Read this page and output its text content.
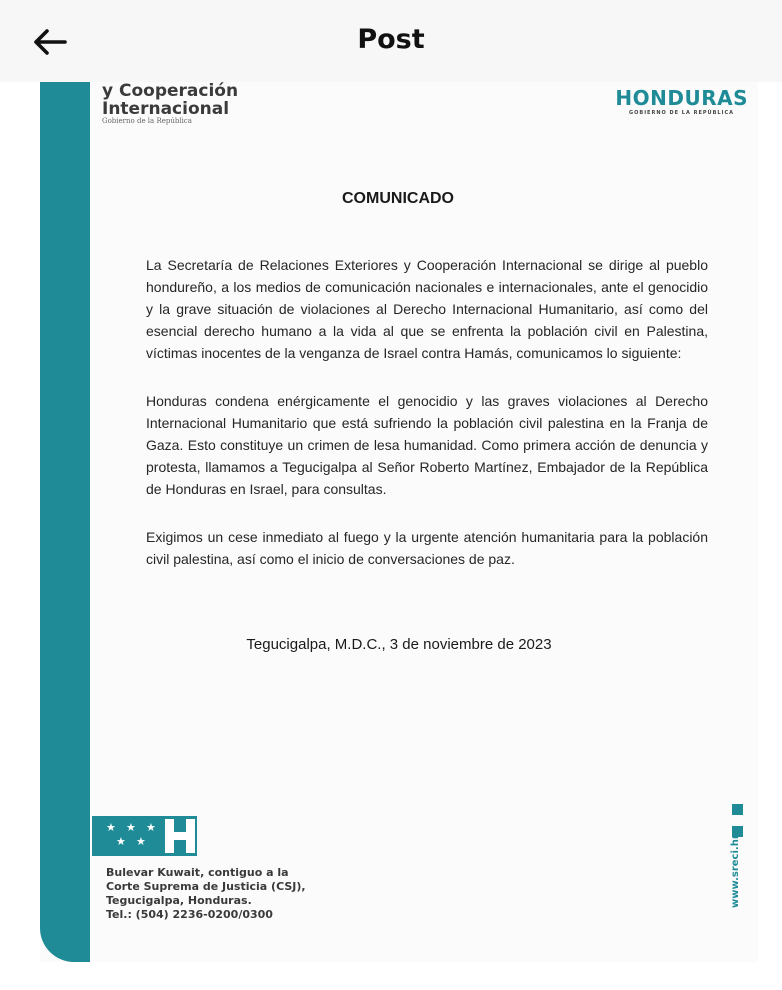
Post
y Cooperación
Internacional
Gobierno de la República
HONDURAS
GOBIERNO DE LA REPÚBLICA
COMUNICADO

La Secretaría de Relaciones Exteriores y Cooperación Internacional se dirige al pueblo hondureño, a los medios de comunicación nacionales e internacionales, ante el genocidio y la grave situación de violaciones al Derecho Internacional Humanitario, así como del esencial derecho humano a la vida al que se enfrenta la población civil en Palestina, víctimas inocentes de la venganza de Israel contra Hamás, comunicamos lo siguiente:

Honduras condena enérgicamente el genocidio y las graves violaciones al Derecho Internacional Humanitario que está sufriendo la población civil palestina en la Franja de Gaza. Esto constituye un crimen de lesa humanidad. Como primera acción de denuncia y protesta, llamamos a Tegucigalpa al Señor Roberto Martínez, Embajador de la República de Honduras en Israel, para consultas.

Exigimos un cese inmediato al fuego y la urgente atención humanitaria para la población civil palestina, así como el inicio de conversaciones de paz.

Tegucigalpa, M.D.C., 3 de noviembre de 2023
★ ★ ★
★ ★
Bulevar Kuwait, contiguo a la
Corte Suprema de Justicia (CSJ),
Tegucigalpa, Honduras.
Tel.: (504) 2236-0200/0300
www.sreci.hn
